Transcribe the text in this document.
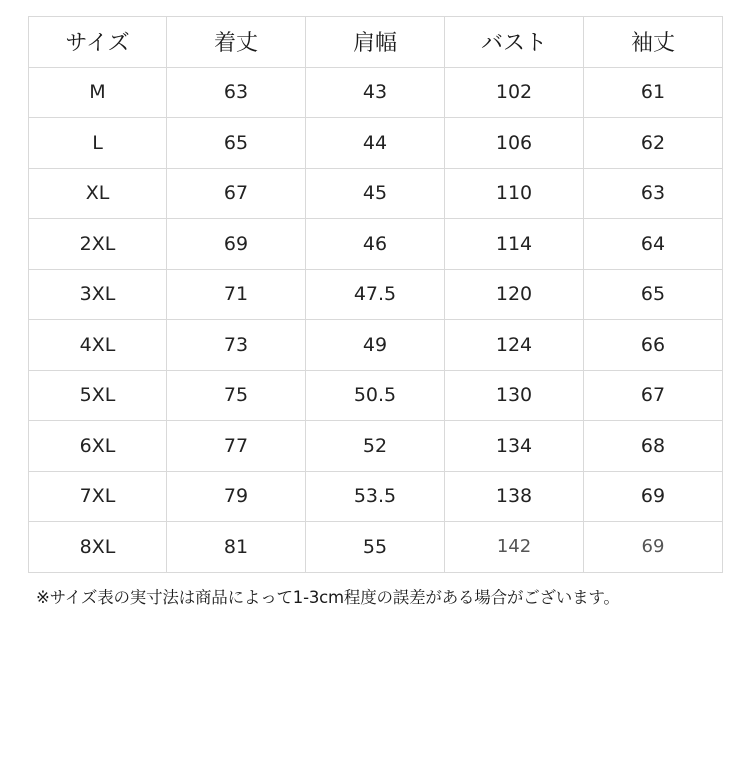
サイズ	着丈	肩幅	バスト	袖丈
M	63	43	102	61
L	65	44	106	62
XL	67	45	110	63
2XL	69	46	114	64
3XL	71	47.5	120	65
4XL	73	49	124	66
5XL	75	50.5	130	67
6XL	77	52	134	68
7XL	79	53.5	138	69
8XL	81	55	142	69
※サイズ表の実寸法は商品によって1-3cm程度の誤差がある場合がございます。
